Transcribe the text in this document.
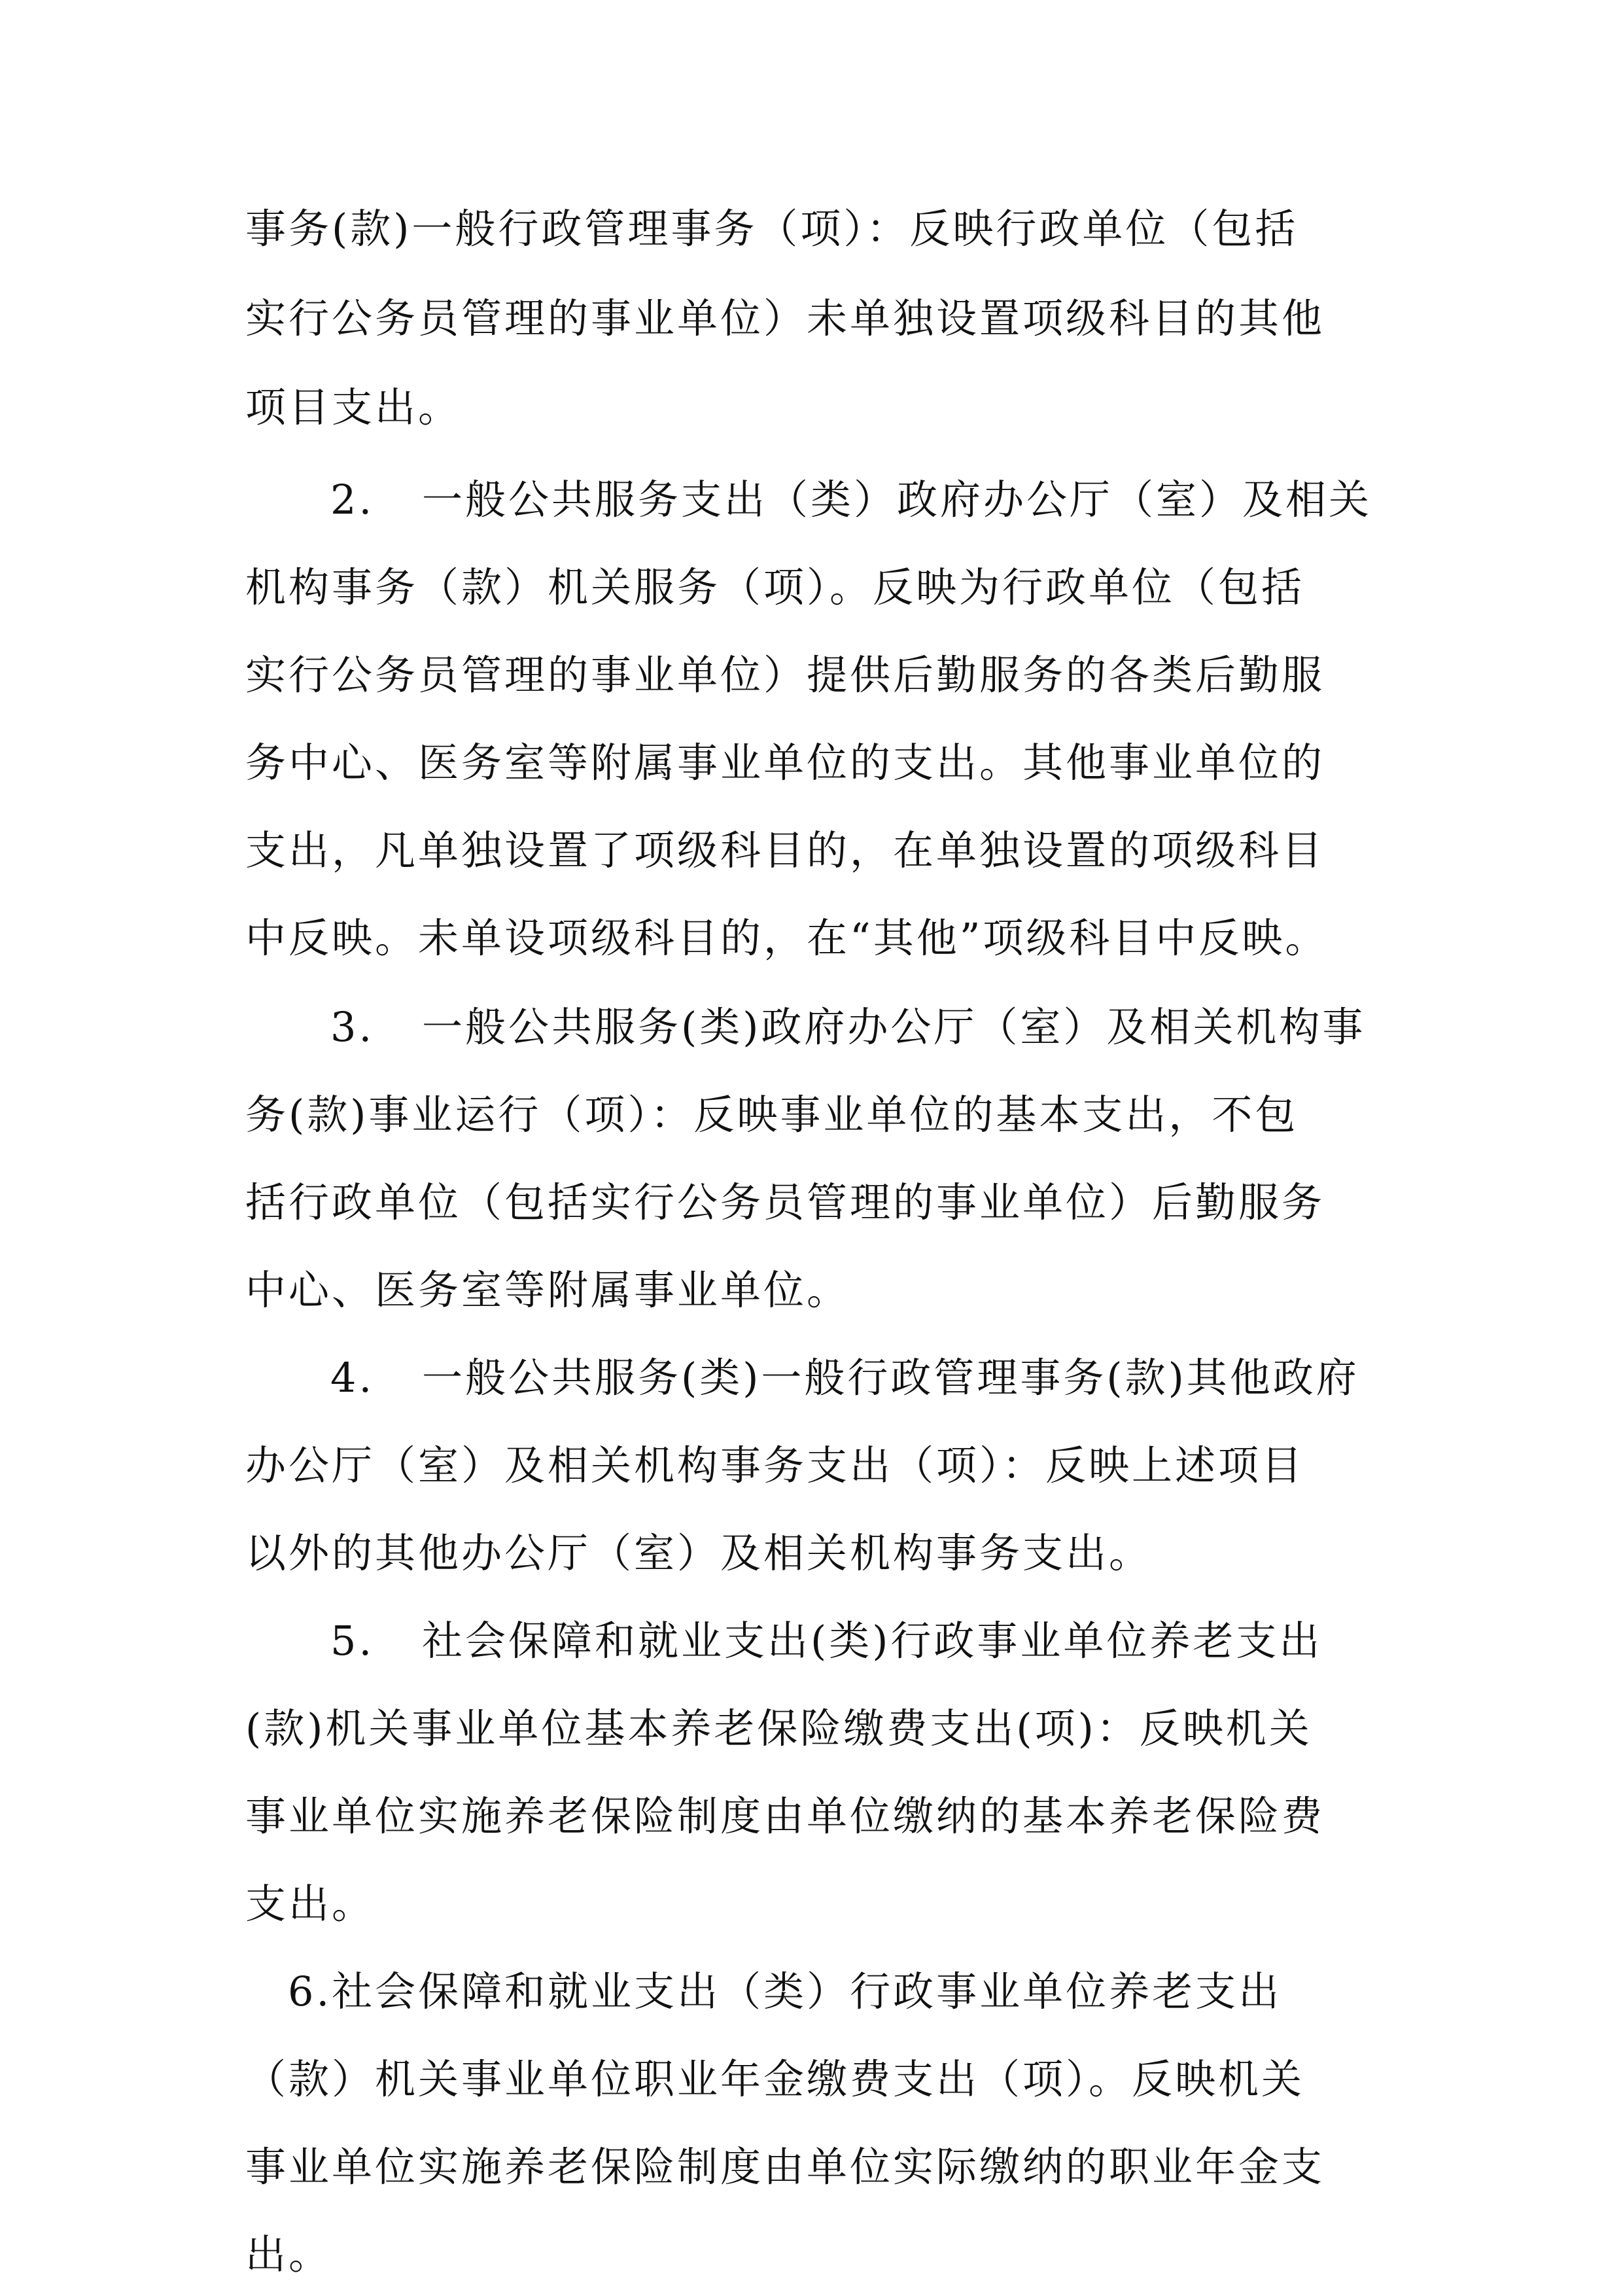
事务(款)一般行政管理事务（项）：反映行政单位（包括
实行公务员管理的事业单位）未单独设置项级科目的其他
项目支出。
2. 一般公共服务支出（类）政府办公厅（室）及相关
机构事务（款）机关服务（项）。反映为行政单位（包括
实行公务员管理的事业单位）提供后勤服务的各类后勤服
务中心、医务室等附属事业单位的支出。其他事业单位的
支出，凡单独设置了项级科目的，在单独设置的项级科目
中反映。未单设项级科目的，在“其他”项级科目中反映。
3. 一般公共服务(类)政府办公厅（室）及相关机构事
务(款)事业运行（项）：反映事业单位的基本支出，不包
括行政单位（包括实行公务员管理的事业单位）后勤服务
中心、医务室等附属事业单位。
4. 一般公共服务(类)一般行政管理事务(款)其他政府
办公厅（室）及相关机构事务支出（项）：反映上述项目
以外的其他办公厅（室）及相关机构事务支出。
5. 社会保障和就业支出(类)行政事业单位养老支出
(款)机关事业单位基本养老保险缴费支出(项)：反映机关
事业单位实施养老保险制度由单位缴纳的基本养老保险费
支出。
6.社会保障和就业支出（类）行政事业单位养老支出
（款）机关事业单位职业年金缴费支出（项）。反映机关
事业单位实施养老保险制度由单位实际缴纳的职业年金支
出。
